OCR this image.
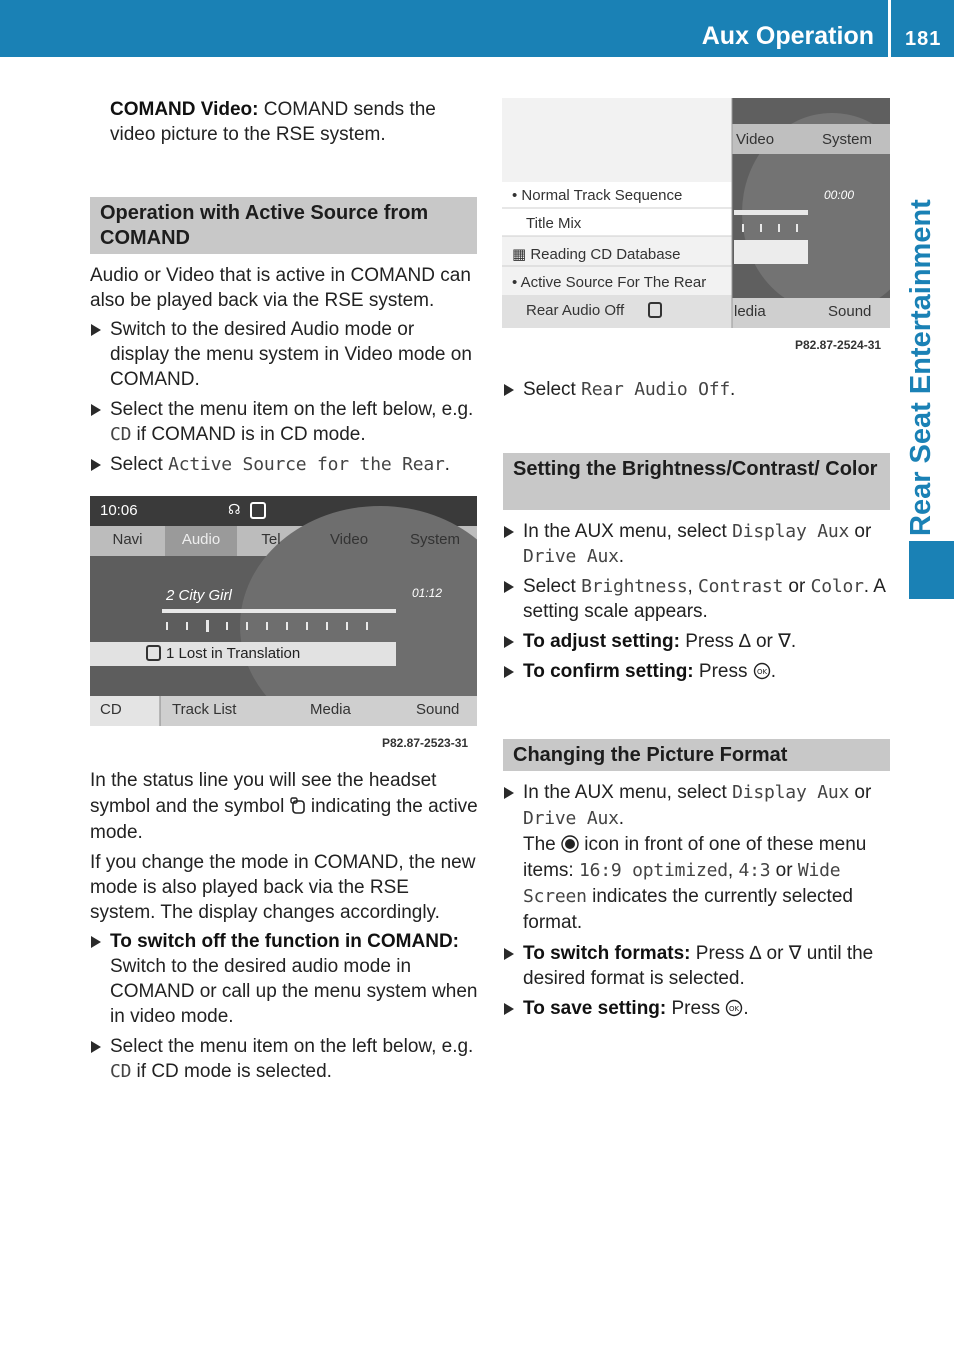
Aux Operation 181
Rear Seat Entertainment

COMAND Video: COMAND sends the video picture to the RSE system.

Operation with Active Source from COMAND

Audio or Video that is active in COMAND can also be played back via the RSE system.

Switch to the desired Audio mode or display the menu system in Video mode on COMAND.
Select the menu item on the left below, e.g. CD if COMAND is in CD mode.
Select Active Source for the Rear.
10:06	☊
Navi	Audio	Tel	Video	System
2 City Girl	01:12
1 Lost in Translation
CD	Track List	Media	Sound
P82.87-2523-31

In the status line you will see the headset symbol and the symbol  indicating the active mode.

If you change the mode in COMAND, the new mode is also played back via the RSE system. The display changes accordingly.

To switch off the function in COMAND: Switch to the desired audio mode in COMAND or call up the menu system when in video mode.
Select the menu item on the left below, e.g. CD if CD mode is selected.
• Normal Track Sequence
Title Mix
▦ Reading CD Database
• Active Source For The Rear
Rear Audio Off
Video	System
00:00
ledia	Sound
P82.87-2524-31
Select Rear Audio Off.
Setting the Brightness/Contrast/ Color
In the AUX menu, select Display Aux or Drive Aux.
Select Brightness, Contrast or Color. A setting scale appears.
To adjust setting: Press ∆ or ∇.
To confirm setting: Press OK .
Changing the Picture Format
In the AUX menu, select Display Aux or Drive Aux.
The  icon in front of one of these menu items: 16:9 optimized, 4:3 or Wide Screen indicates the currently selected format.
To switch formats: Press ∆ or ∇ until the desired format is selected.
To save setting: Press OK .
